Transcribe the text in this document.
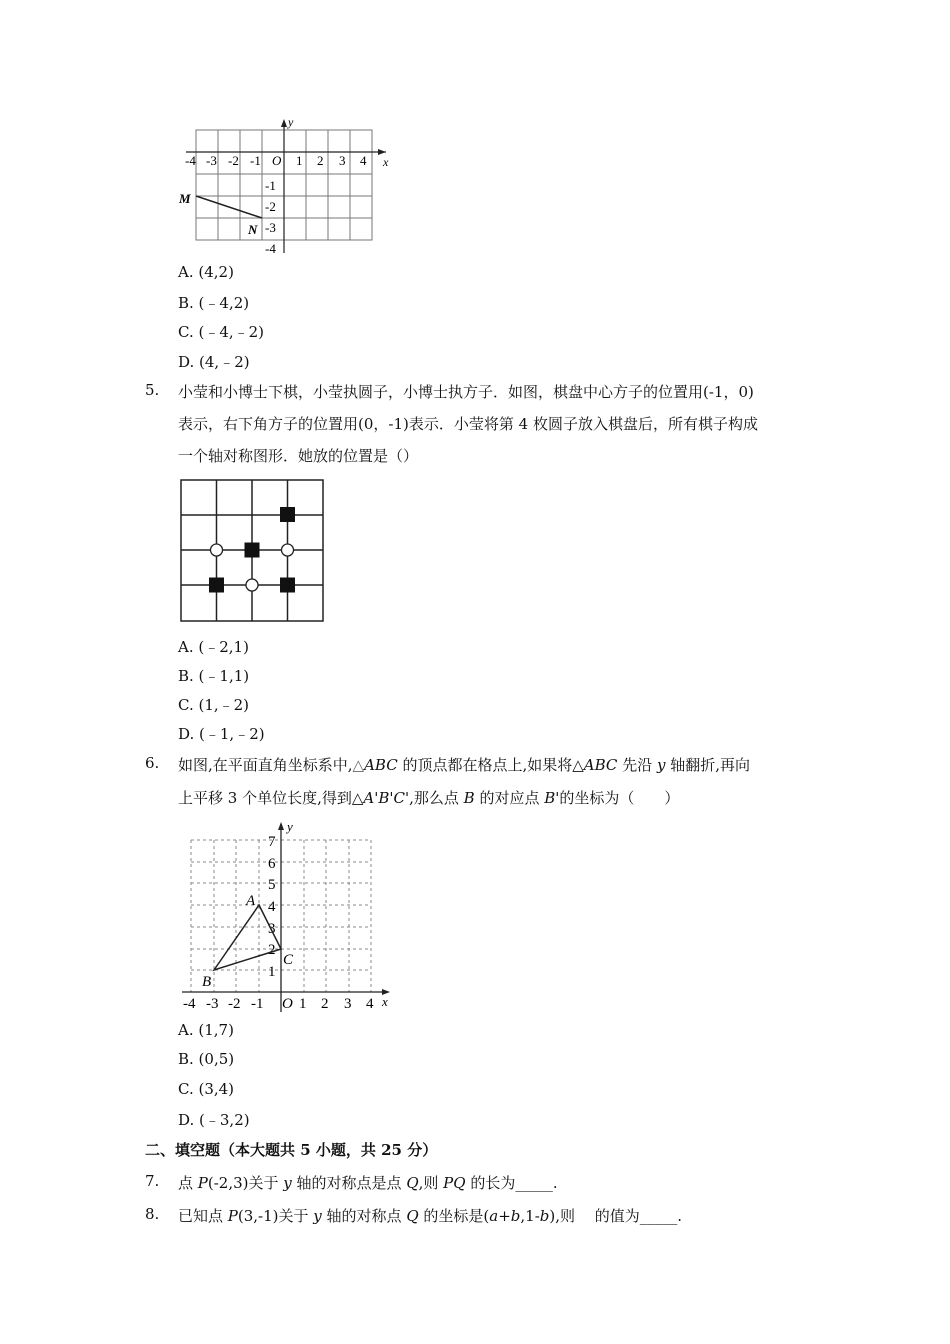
y
x
-4 -3 -2 -1 O 1 2 3 4
-1
-2
-3
-4
M
N
A. (4,2)
B. (﹣4,2)
C. (﹣4,﹣2)
D. (4,﹣2)
5. 小莹和小博士下棋，小莹执圆子，小博士执方子．如图，棋盘中心方子的位置用(-1，0)
表示，右下角方子的位置用(0，-1)表示．小莹将第 4 枚圆子放入棋盘后，所有棋子构成
一个轴对称图形．她放的位置是（）
A. (﹣2,1)
B. (﹣1,1)
C. (1,﹣2)
D. (﹣1,﹣2)
6. 如图,在平面直角坐标系中,△ABC 的顶点都在格点上,如果将△ABC 先沿 y 轴翻折,再向
上平移 3 个单位长度,得到△A'B'C',那么点 B 的对应点 B'的坐标为（　　）
y
x
1
2
3
4
5
6
7
-4 -3 -2 -1 O 1 2 3 4
A
B
C
A. (1,7)
B. (0,5)
C. (3,4)
D. (﹣3,2)
二、填空题（本大题共 5 小题，共 25 分）
7. 点 P(-2,3)关于 y 轴的对称点是点 Q,则 PQ 的长为_____.
8. 已知点 P(3,-1)关于 y 轴的对称点 Q 的坐标是(a+b,1-b),则　 的值为_____.
